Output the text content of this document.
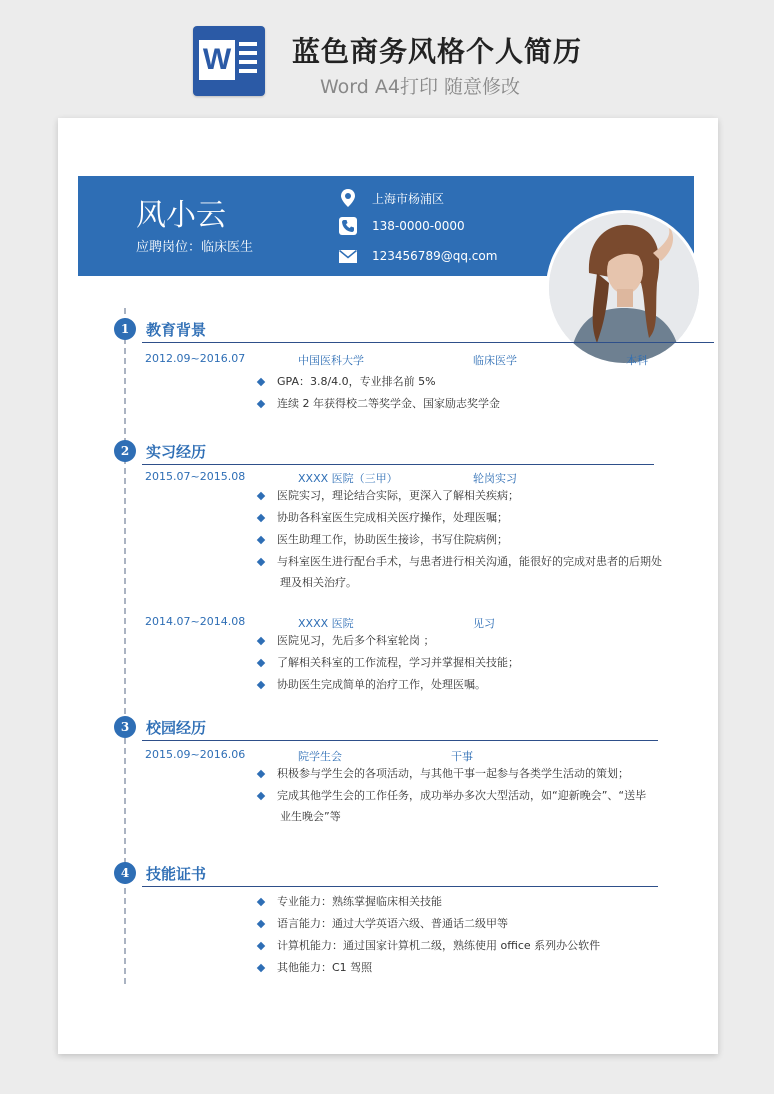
W 蓝色商务风格个人简历
Word A4打印 随意修改
风小云
应聘岗位：临床医生
上海市杨浦区
138-0000-0000
123456789@qq.com
1	教育背景
2012.09~2016.07	中国医科大学	临床医学	本科
GPA：3.8/4.0，专业排名前 5%
连续 2 年获得校二等奖学金、国家励志奖学金
2	实习经历
2015.07~2015.08	XXXX 医院（三甲）	轮岗实习
医院实习，理论结合实际，更深入了解相关疾病；
协助各科室医生完成相关医疗操作，处理医嘱；
医生助理工作，协助医生接诊，书写住院病例；
与科室医生进行配台手术，与患者进行相关沟通，能很好的完成对患者的后期处
理及相关治疗。
2014.07~2014.08	XXXX 医院	见习
医院见习，先后多个科室轮岗 ；
了解相关科室的工作流程，学习并掌握相关技能；
协助医生完成简单的治疗工作，处理医嘱。
3	校园经历
2015.09~2016.06	院学生会	干事
积极参与学生会的各项活动，与其他干事一起参与各类学生活动的策划；
完成其他学生会的工作任务，成功举办多次大型活动，如“迎新晚会”、“送毕
业生晚会”等
4	技能证书
专业能力：熟练掌握临床相关技能
语言能力：通过大学英语六级、普通话二级甲等
计算机能力：通过国家计算机二级，熟练使用 office 系列办公软件
其他能力：C1 驾照
